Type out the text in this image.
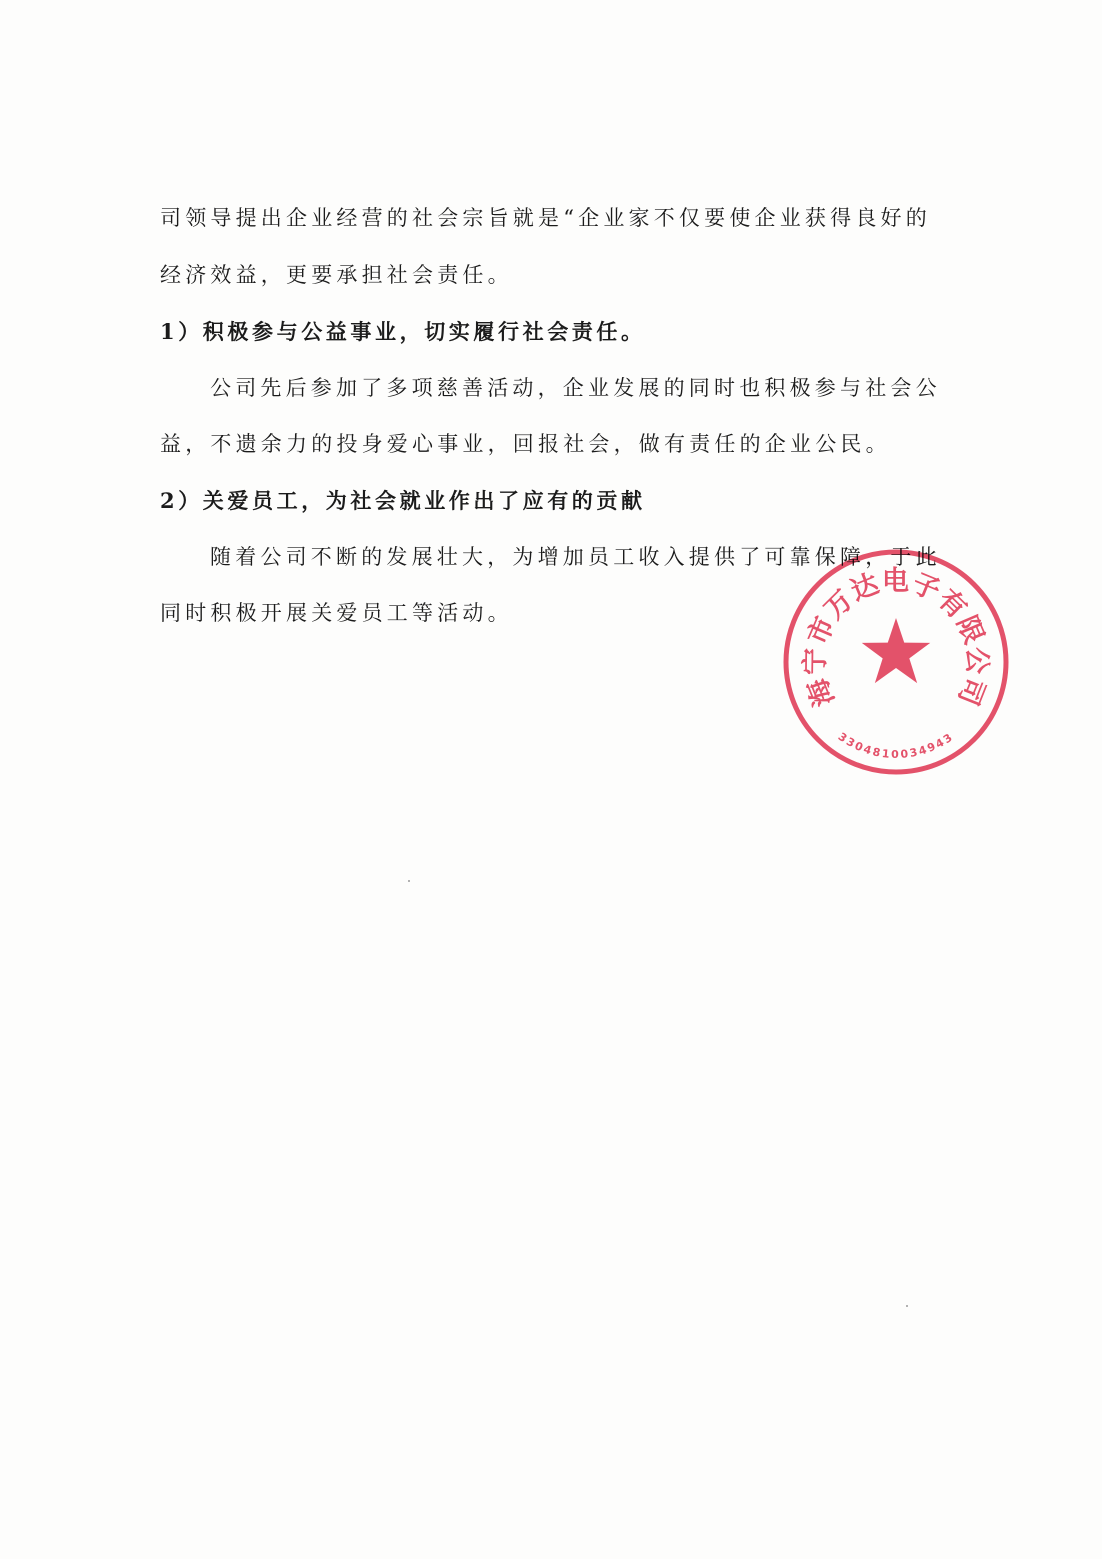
司领导提出企业经营的社会宗旨就是“企业家不仅要使企业获得良好的
经济效益，更要承担社会责任。
1）积极参与公益事业，切实履行社会责任。
公司先后参加了多项慈善活动，企业发展的同时也积极参与社会公
益，不遗余力的投身爱心事业，回报社会，做有责任的企业公民。
2）关爱员工，为社会就业作出了应有的贡献
随着公司不断的发展壮大，为增加员工收入提供了可靠保障，于此
同时积极开展关爱员工等活动。
海宁市万达电子有限公司
3304810034943
